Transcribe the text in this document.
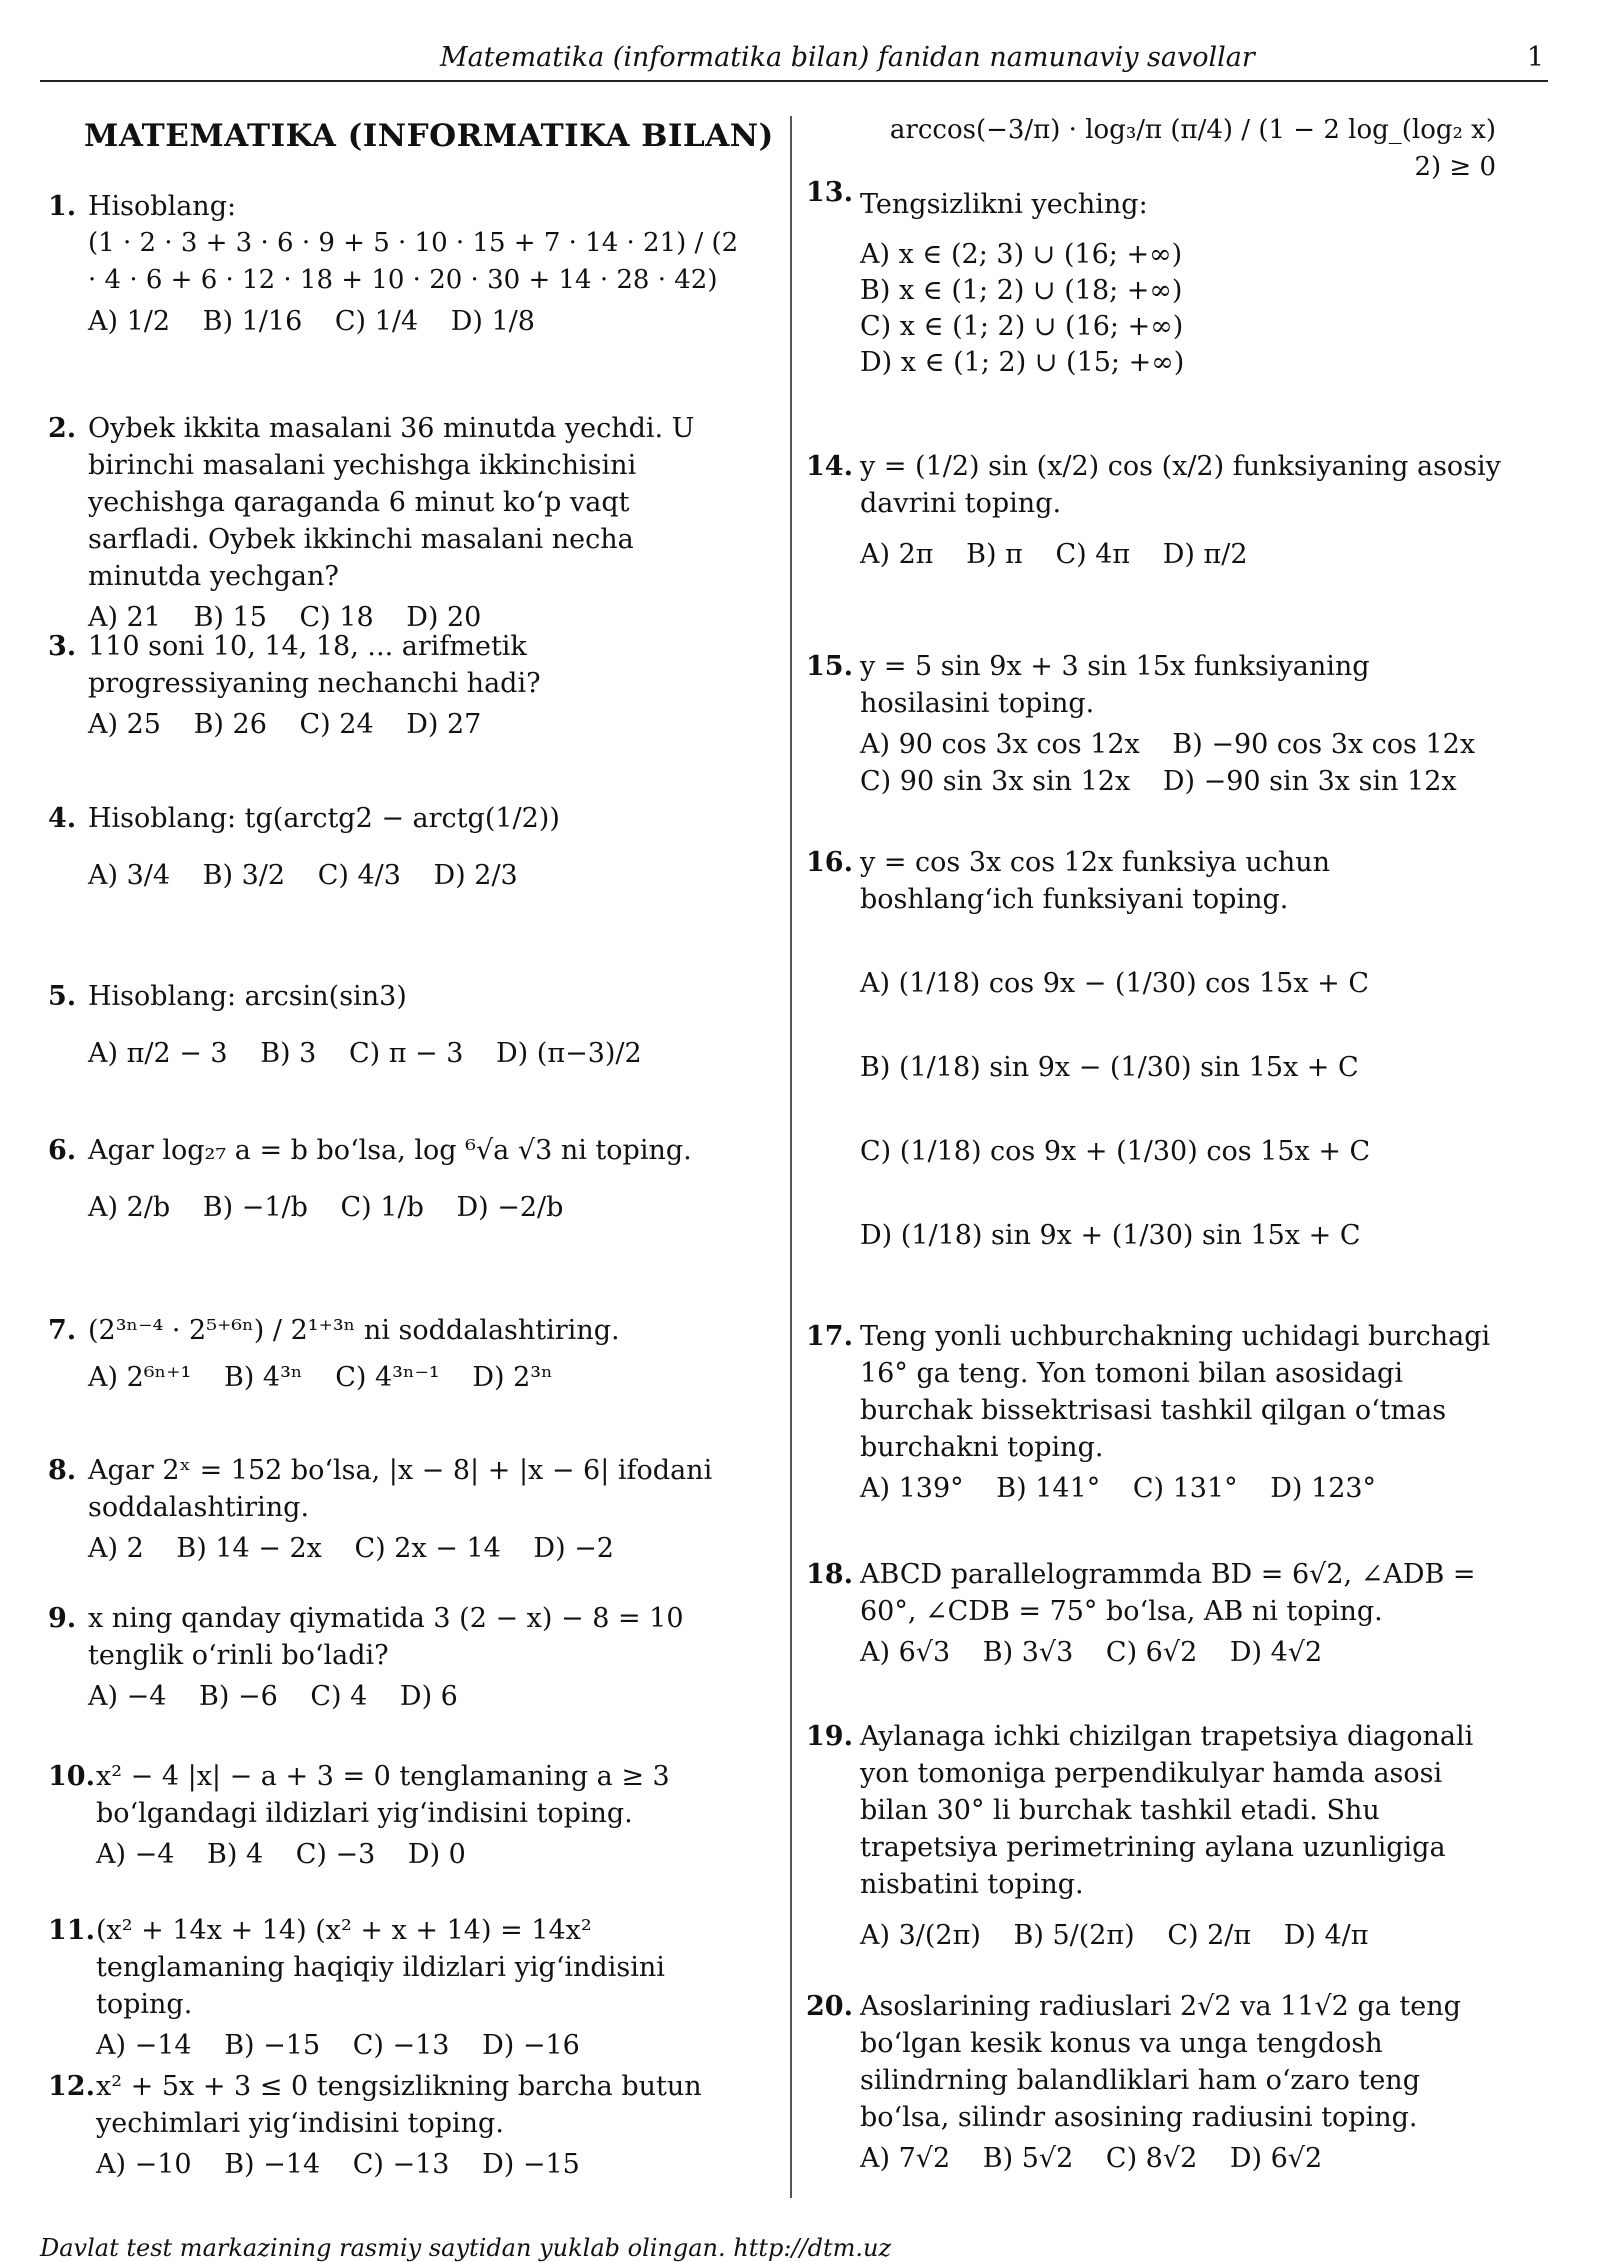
Matematika (informatika bilan) fanidan namunaviy savollar	1
MATEMATIKA (INFORMATIKA BILAN)
1. Hisoblang:
(1 · 2 · 3 + 3 · 6 · 9 + 5 · 10 · 15 + 7 · 14 · 21) / (2 · 4 · 6 + 6 · 12 · 18 + 10 · 20 · 30 + 14 · 28 · 42)
A) 1/2 B) 1/16 C) 1/4 D) 1/8
2. Oybek ikkita masalani 36 minutda yechdi. U birinchi masalani yechishga ikkinchisini yechishga qaraganda 6 minut ko‘p vaqt sarfladi. Oybek ikkinchi masalani necha minutda yechgan?
A) 21 B) 15 C) 18 D) 20
3. 110 soni 10, 14, 18, ... arifmetik progressiyaning nechanchi hadi?
A) 25 B) 26 C) 24 D) 27
4. Hisoblang: tg(arctg2 − arctg(1/2))
A) 3/4 B) 3/2 C) 4/3 D) 2/3
5. Hisoblang: arcsin(sin3)
A) π/2 − 3 B) 3 C) π − 3 D) (π−3)/2
6. Agar log₂₇ a = b bo‘lsa, log ⁶√a √3 ni toping.
A) 2/b B) −1/b C) 1/b D) −2/b
7. (2³ⁿ⁻⁴ · 2⁵⁺⁶ⁿ) / 2¹⁺³ⁿ ni soddalashtiring.
A) 2⁶ⁿ⁺¹ B) 4³ⁿ C) 4³ⁿ⁻¹ D) 2³ⁿ
8. Agar 2ˣ = 152 bo‘lsa, |x − 8| + |x − 6| ifodani soddalashtiring.
A) 2 B) 14 − 2x C) 2x − 14 D) −2
9. x ning qanday qiymatida 3 (2 − x) − 8 = 10 tenglik o‘rinli bo‘ladi?
A) −4 B) −6 C) 4 D) 6
10. x² − 4 |x| − a + 3 = 0 tenglamaning a ≥ 3 bo‘lgandagi ildizlari yig‘indisini toping.
A) −4 B) 4 C) −3 D) 0
11. (x² + 14x + 14) (x² + x + 14) = 14x² tenglamaning haqiqiy ildizlari yig‘indisini toping.
A) −14 B) −15 C) −13 D) −16
12. x² + 5x + 3 ≤ 0 tengsizlikning barcha butun yechimlari yig‘indisini toping.
A) −10 B) −14 C) −13 D) −15
13.
arccos(−3/π) · log₃/π (π/4) / (1 − 2 log_(log₂ x) 2) ≥ 0
Tengsizlikni yeching:
A) x ∈ (2; 3) ∪ (16; +∞)
B) x ∈ (1; 2) ∪ (18; +∞)
C) x ∈ (1; 2) ∪ (16; +∞)
D) x ∈ (1; 2) ∪ (15; +∞)
14. y = (1/2) sin (x/2) cos (x/2) funksiyaning asosiy davrini toping.
A) 2π B) π C) 4π D) π/2
15. y = 5 sin 9x + 3 sin 15x funksiyaning hosilasini toping.
A) 90 cos 3x cos 12x B) −90 cos 3x cos 12x
C) 90 sin 3x sin 12x D) −90 sin 3x sin 12x
16. y = cos 3x cos 12x funksiya uchun boshlang‘ich funksiyani toping.
A) (1/18) cos 9x − (1/30) cos 15x + C
B) (1/18) sin 9x − (1/30) sin 15x + C
C) (1/18) cos 9x + (1/30) cos 15x + C
D) (1/18) sin 9x + (1/30) sin 15x + C
17. Teng yonli uchburchakning uchidagi burchagi 16° ga teng. Yon tomoni bilan asosidagi burchak bissektrisasi tashkil qilgan o‘tmas burchakni toping.
A) 139° B) 141° C) 131° D) 123°
18. ABCD parallelogrammda BD = 6√2, ∠ADB = 60°, ∠CDB = 75° bo‘lsa, AB ni toping.
A) 6√3 B) 3√3 C) 6√2 D) 4√2
19. Aylanaga ichki chizilgan trapetsiya diagonali yon tomoniga perpendikulyar hamda asosi bilan 30° li burchak tashkil etadi. Shu trapetsiya perimetrining aylana uzunligiga nisbatini toping.
A) 3/(2π) B) 5/(2π) C) 2/π D) 4/π
20. Asoslarining radiuslari 2√2 va 11√2 ga teng bo‘lgan kesik konus va unga tengdosh silindrning balandliklari ham o‘zaro teng bo‘lsa, silindr asosining radiusini toping.
A) 7√2 B) 5√2 C) 8√2 D) 6√2
Davlat test markazining rasmiy saytidan yuklab olingan. http://dtm.uz
